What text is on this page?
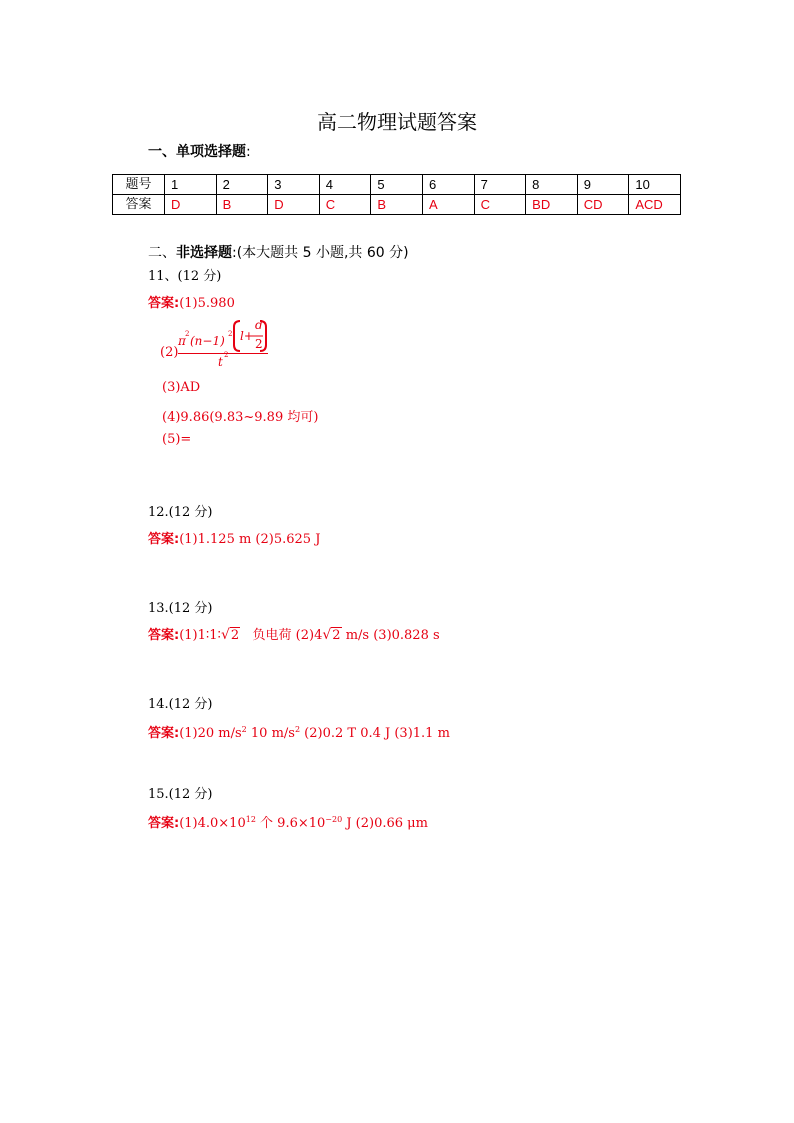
高二物理试题答案
一、单项选择题:
题号	1	2	3	4	5	6	7	8	9	10
答案	D	B	D	C	B	A	C	BD	CD	ACD
二、非选择题:(本大题共 5 小题,共 60 分)
11、(12 分)
答案:(1)5.980
(2)
π 2 (n−1) 2 l+
d
2
t 2
(3)AD
(4)9.86(9.83~9.89 均可)
(5)=
12.(12 分)
答案:(1)1.125 m (2)5.625 J
13.(12 分)
答案:(1)1∶1∶√2 负电荷 (2)4√2 m/s (3)0.828 s
14.(12 分)
答案:(1)20 $m/s^2$ 10 $m/s^2$ (2)0.2 T 0.4 J (3)1.1 m
15.(12 分)
答案$:(1)4.0\times 10^{12}$ 个 $9.6\times 10^{-20}$ J (2)0.66 μm
